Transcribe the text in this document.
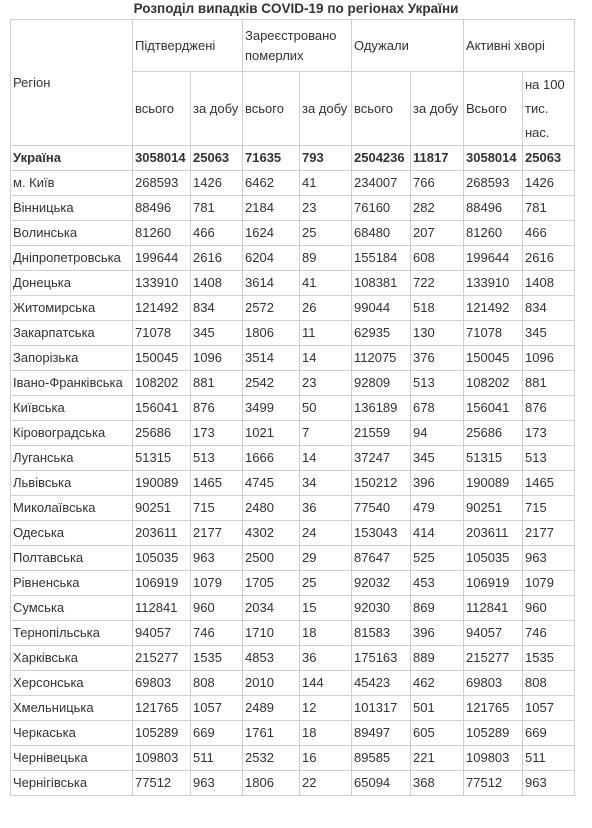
Розподіл випадків COVID-19 по регіонах України
Регіон	Підтверджені		Зареєстровано померлих		Одужали		Активні хворі	
	всього	за добу	всього	за добу	всього	за добу	Всього	на 100 тис. нас.
Україна	3058014	25063	71635	793	2504236	11817	3058014	25063
м. Київ	268593	1426	6462	41	234007	766	268593	1426
Вінницька	88496	781	2184	23	76160	282	88496	781
Волинська	81260	466	1624	25	68480	207	81260	466
Дніпропетровська	199644	2616	6204	89	155184	608	199644	2616
Донецька	133910	1408	3614	41	108381	722	133910	1408
Житомирська	121492	834	2572	26	99044	518	121492	834
Закарпатська	71078	345	1806	11	62935	130	71078	345
Запорізька	150045	1096	3514	14	112075	376	150045	1096
Івано-Франківська	108202	881	2542	23	92809	513	108202	881
Київська	156041	876	3499	50	136189	678	156041	876
Кіровоградська	25686	173	1021	7	21559	94	25686	173
Луганська	51315	513	1666	14	37247	345	51315	513
Львівська	190089	1465	4745	34	150212	396	190089	1465
Миколаївська	90251	715	2480	36	77540	479	90251	715
Одеська	203611	2177	4302	24	153043	414	203611	2177
Полтавська	105035	963	2500	29	87647	525	105035	963
Рівненська	106919	1079	1705	25	92032	453	106919	1079
Сумська	112841	960	2034	15	92030	869	112841	960
Тернопільська	94057	746	1710	18	81583	396	94057	746
Харківська	215277	1535	4853	36	175163	889	215277	1535
Херсонська	69803	808	2010	144	45423	462	69803	808
Хмельницька	121765	1057	2489	12	101317	501	121765	1057
Черкаська	105289	669	1761	18	89497	605	105289	669
Чернівецька	109803	511	2532	16	89585	221	109803	511
Чернігівська	77512	963	1806	22	65094	368	77512	963
